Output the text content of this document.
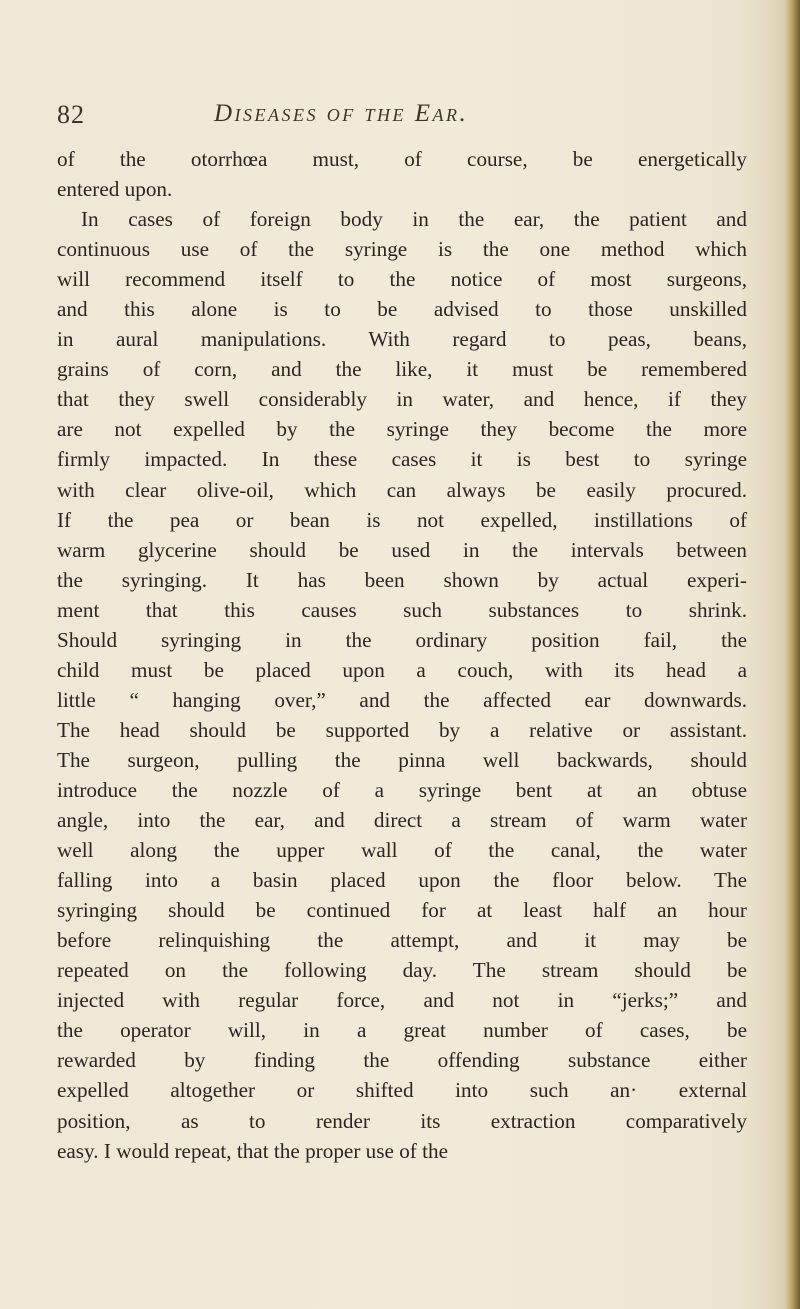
82	Diseases of the Ear.
of the otorrhœa must, of course, be energetically
entered upon.
In cases of foreign body in the ear, the patient and
continuous use of the syringe is the one method which
will recommend itself to the notice of most surgeons,
and this alone is to be advised to those unskilled
in aural manipulations. With regard to peas, beans,
grains of corn, and the like, it must be remembered
that they swell considerably in water, and hence, if they
are not expelled by the syringe they become the more
firmly impacted. In these cases it is best to syringe
with clear olive-oil, which can always be easily procured.
If the pea or bean is not expelled, instillations of
warm glycerine should be used in the intervals between
the syringing. It has been shown by actual experi-
ment that this causes such substances to shrink.
Should syringing in the ordinary position fail, the
child must be placed upon a couch, with its head a
little “ hanging over,” and the affected ear downwards.
The head should be supported by a relative or assistant.
The surgeon, pulling the pinna well backwards, should
introduce the nozzle of a syringe bent at an obtuse
angle, into the ear, and direct a stream of warm water
well along the upper wall of the canal, the water
falling into a basin placed upon the floor below. The
syringing should be continued for at least half an hour
before relinquishing the attempt, and it may be
repeated on the following day. The stream should be
injected with regular force, and not in “jerks;” and
the operator will, in a great number of cases, be
rewarded by finding the offending substance either
expelled altogether or shifted into such an· external
position, as to render its extraction comparatively
easy. I would repeat, that the proper use of the
